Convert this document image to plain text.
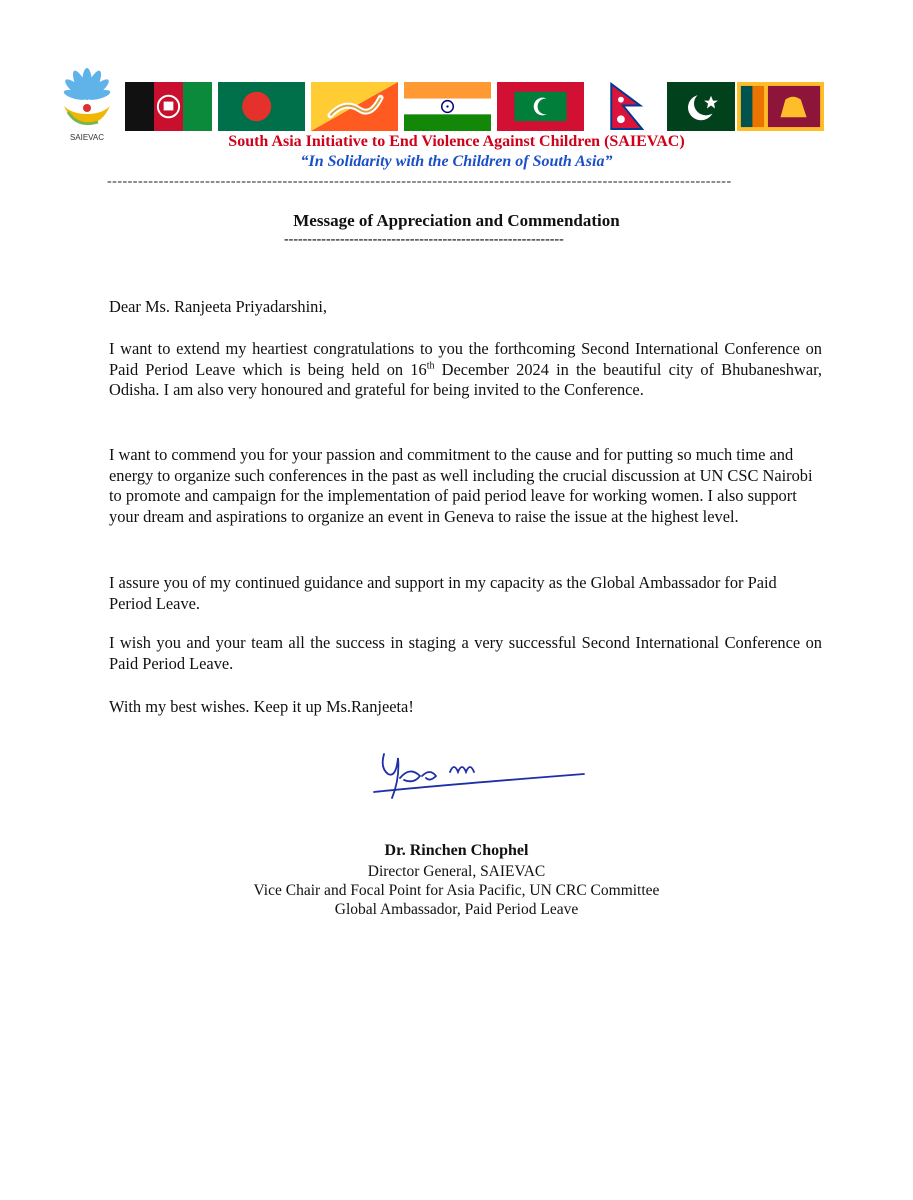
SAIEVAC	South Asia Initiative to End Violence Against Children (SAIEVAC)
“In Solidarity with the Children of South Asia”
-------------------------------------------------------------------------------------------------------------------------
Message of Appreciation and Commendation
------------------------------------------------------------
Dear Ms. Ranjeeta Priyadarshini,
I want to extend my heartiest congratulations to you the forthcoming Second International Conference on Paid Period Leave which is being held on 16th December 2024 in the beautiful city of Bhubaneshwar, Odisha. I am also very honoured and grateful for being invited to the Conference.
I want to commend you for your passion and commitment to the cause and for putting so much time and energy to organize such conferences in the past as well including the crucial discussion at UN CSC Nairobi to promote and campaign for the implementation of paid period leave for working women. I also support your dream and aspirations to organize an event in Geneva to raise the issue at the highest level.
I assure you of my continued guidance and support in my capacity as the Global Ambassador for Paid Period Leave.
I wish you and your team all the success in staging a very successful Second International Conference on Paid Period Leave.
With my best wishes. Keep it up Ms.Ranjeeta!
Dr. Rinchen Chophel
Director General, SAIEVAC
Vice Chair and Focal Point for Asia Pacific, UN CRC Committee
Global Ambassador, Paid Period Leave
